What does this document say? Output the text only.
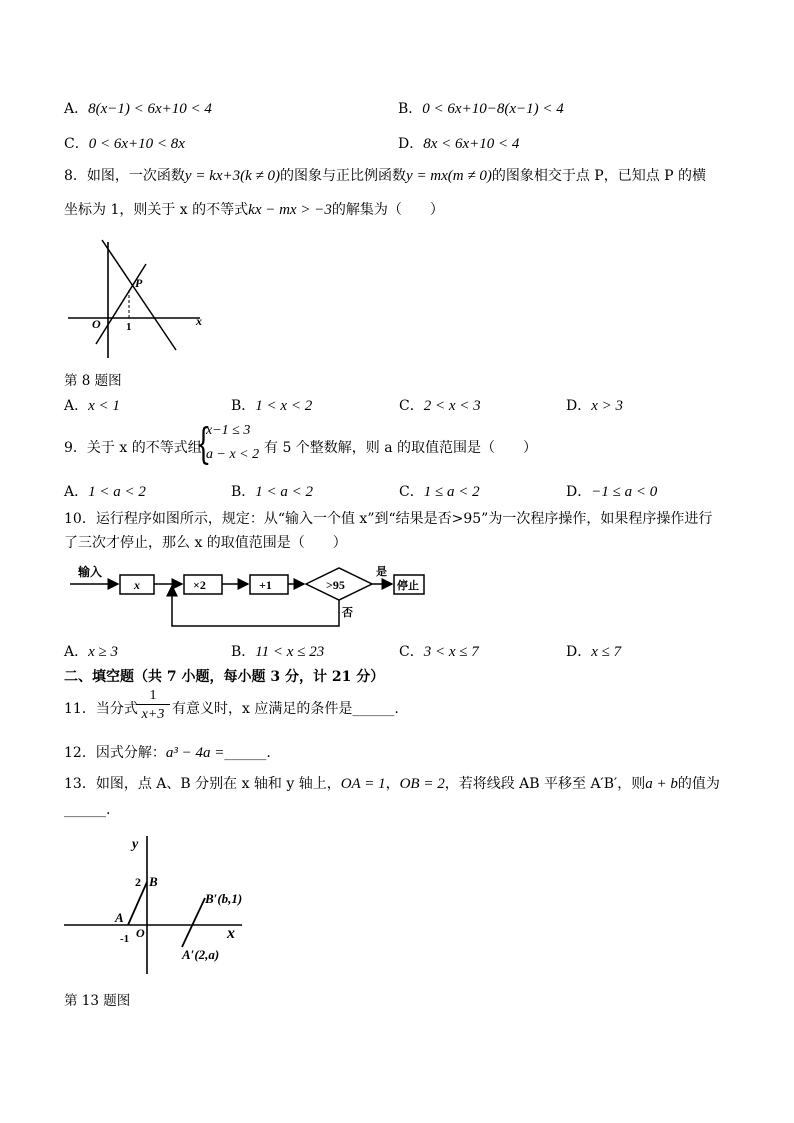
A．8(x−1) < 6x+10 < 4	B．0 < 6x+10−8(x−1) < 4
C．0 < 6x+10 < 8x	D．8x < 6x+10 < 4
8．如图，一次函数y = kx+3(k ≠ 0)的图象与正比例函数y = mx(m ≠ 0)的图象相交于点 P，已知点 P 的横
坐标为 1，则关于 x 的不等式kx − mx > −3的解集为（　　）
P
O 1	x
第 8 题图
A．x < 1	B．1 < x < 2	C．2 < x < 3	D．x > 3
9．关于 x 的不等式组
{
x−1 ≤ 3
a − x < 2 有 5 个整数解，则 a 的取值范围是（　　）
A．1 < a < 2	B．1 < a < 2	C．1 ≤ a < 2	D．−1 ≤ a < 0
10．运行程序如图所示，规定：从“输入一个值 x”到“结果是否>95”为一次程序操作，如果程序操作进行
了三次才停止，那么 x 的取值范围是（　　）
输入
x	×2	+1	>95
是
停止
否
A．x ≥ 3	B．11 < x ≤ 23	C．3 < x ≤ 7	D．x ≤ 7
二、填空题（共 7 小题，每小题 3 分，计 21 分）
11．当分式
$\frac{1}{x+3}$ 有意义时，x 应满足的条件是______.
12．因式分解：a³ − 4a =______.
13．如图，点 A、B 分别在 x 轴和 y 轴上，OA = 1，OB = 2，若将线段 AB 平移至 A′B′，则a + b的值为
______.
y
x
2 B
A
-1 O
B′(b,1)
A′(2,a)
第 13 题图
